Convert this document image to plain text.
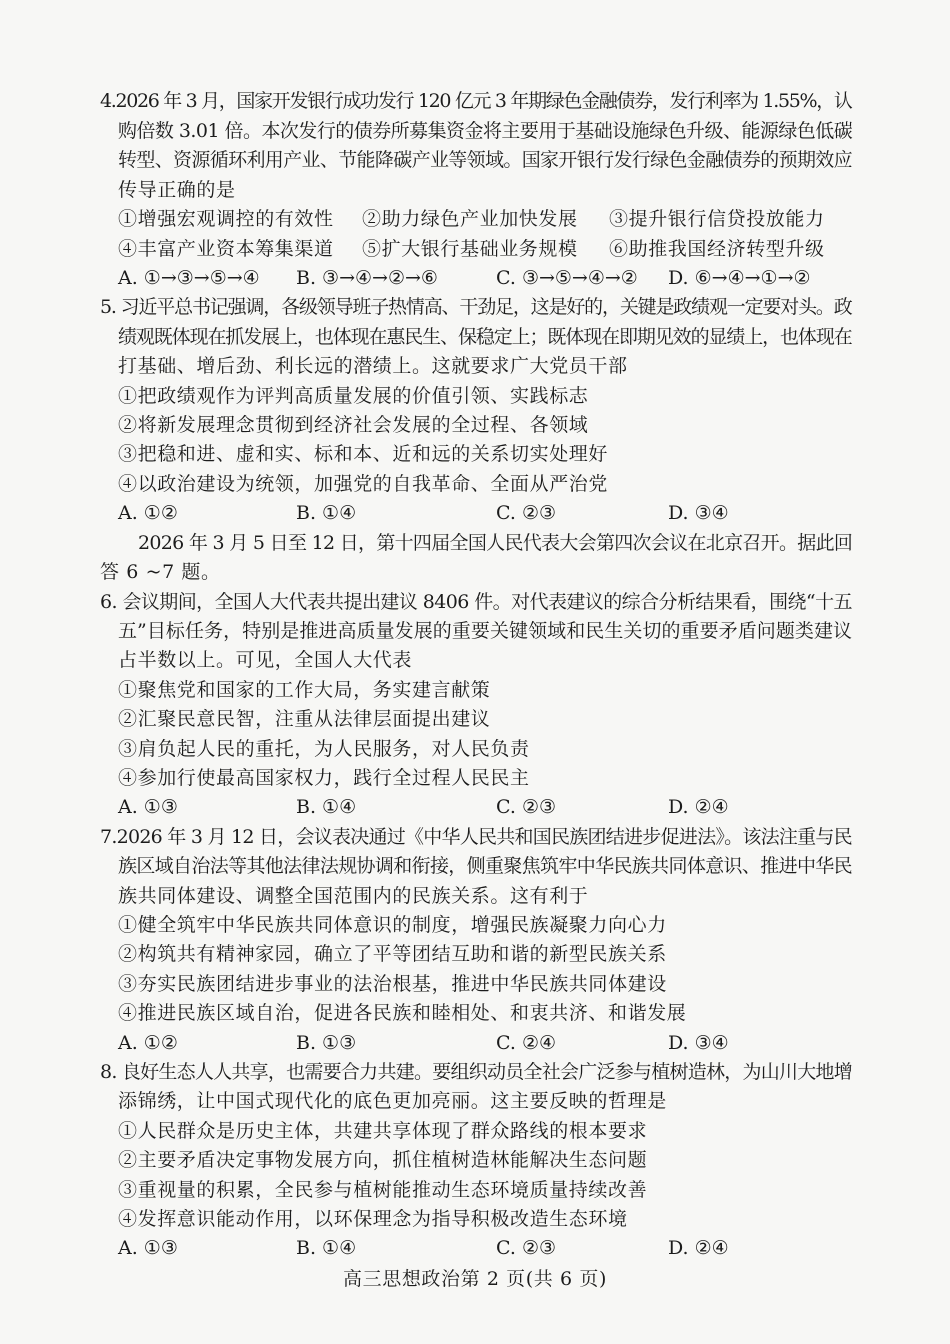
4.2026 年 3 月，国家开发银行成功发行 120 亿元 3 年期绿色金融债券，发行利率为 1.55%，认
购倍数 3.01 倍。本次发行的债券所募集资金将主要用于基础设施绿色升级、能源绿色低碳
转型、资源循环利用产业、节能降碳产业等领域。国家开银行发行绿色金融债券的预期效应
传导正确的是
①增强宏观调控的有效性 ②助力绿色产业加快发展 ③提升银行信贷投放能力
④丰富产业资本筹集渠道 ⑤扩大银行基础业务规模 ⑥助推我国经济转型升级
A. ①→③→⑤→④ B. ③→④→②→⑥	C. ③→⑤→④→② D. ⑥→④→①→②
5. 习近平总书记强调，各级领导班子热情高、干劲足，这是好的，关键是政绩观一定要对头。政
绩观既体现在抓发展上，也体现在惠民生、保稳定上；既体现在即期见效的显绩上，也体现在
打基础、增后劲、利长远的潜绩上。这就要求广大党员干部
①把政绩观作为评判高质量发展的价值引领、实践标志
②将新发展理念贯彻到经济社会发展的全过程、各领域
③把稳和进、虚和实、标和本、近和远的关系切实处理好
④以政治建设为统领，加强党的自我革命、全面从严治党
A. ①②	B. ①④	C. ②③	D. ③④
2026 年 3 月 5 日至 12 日，第十四届全国人民代表大会第四次会议在北京召开。据此回
答 6 ~7 题。
6. 会议期间，全国人大代表共提出建议 8406 件。对代表建议的综合分析结果看，围绕“十五
五”目标任务，特别是推进高质量发展的重要关键领域和民生关切的重要矛盾问题类建议
占半数以上。可见，全国人大代表
①聚焦党和国家的工作大局，务实建言献策
②汇聚民意民智，注重从法律层面提出建议
③肩负起人民的重托，为人民服务，对人民负责
④参加行使最高国家权力，践行全过程人民民主
A. ①③	B. ①④	C. ②③	D. ②④
7.2026 年 3 月 12 日，会议表决通过《中华人民共和国民族团结进步促进法》。该法注重与民
族区域自治法等其他法律法规协调和衔接，侧重聚焦筑牢中华民族共同体意识、推进中华民
族共同体建设、调整全国范围内的民族关系。这有利于
①健全筑牢中华民族共同体意识的制度，增强民族凝聚力向心力
②构筑共有精神家园，确立了平等团结互助和谐的新型民族关系
③夯实民族团结进步事业的法治根基，推进中华民族共同体建设
④推进民族区域自治，促进各民族和睦相处、和衷共济、和谐发展
A. ①②	B. ①③	C. ②④	D. ③④
8. 良好生态人人共享，也需要合力共建。要组织动员全社会广泛参与植树造林，为山川大地增
添锦绣，让中国式现代化的底色更加亮丽。这主要反映的哲理是
①人民群众是历史主体，共建共享体现了群众路线的根本要求
②主要矛盾决定事物发展方向，抓住植树造林能解决生态问题
③重视量的积累，全民参与植树能推动生态环境质量持续改善
④发挥意识能动作用，以环保理念为指导积极改造生态环境
A. ①③	B. ①④	C. ②③	D. ②④
高三思想政治第 2 页(共 6 页)
